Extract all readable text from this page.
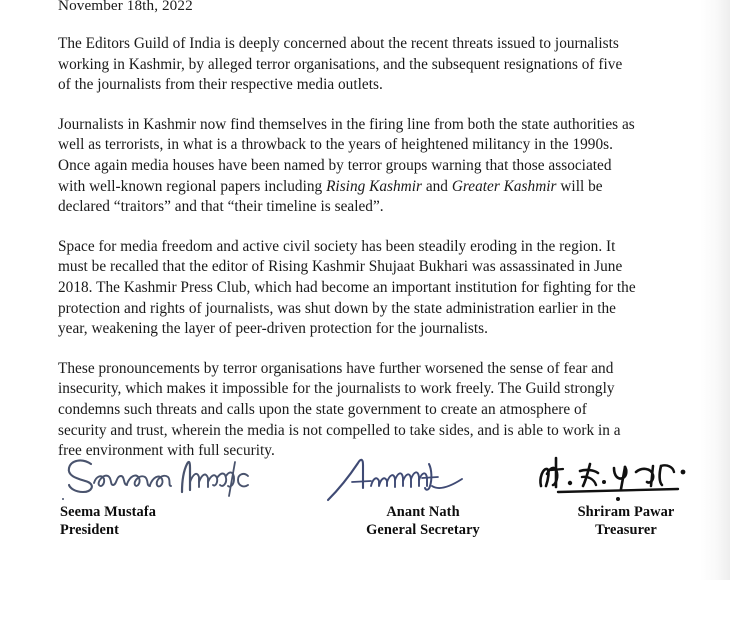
November 18th, 2022

The Editors Guild of India is deeply concerned about the recent threats issued to journalists
working in Kashmir, by alleged terror organisations, and the subsequent resignations of five
of the journalists from their respective media outlets.

Journalists in Kashmir now find themselves in the firing line from both the state authorities as
well as terrorists, in what is a throwback to the years of heightened militancy in the 1990s.
Once again media houses have been named by terror groups warning that those associated
with well-known regional papers including Rising Kashmir and Greater Kashmir will be
declared “traitors” and that “their timeline is sealed”.

Space for media freedom and active civil society has been steadily eroding in the region. It
must be recalled that the editor of Rising Kashmir Shujaat Bukhari was assassinated in June
2018. The Kashmir Press Club, which had become an important institution for fighting for the
protection and rights of journalists, was shut down by the state administration earlier in the
year, weakening the layer of peer-driven protection for the journalists.

These pronouncements by terror organisations have further worsened the sense of fear and
insecurity, which makes it impossible for the journalists to work freely. The Guild strongly
condemns such threats and calls upon the state government to create an atmosphere of
security and trust, wherein the media is not compelled to take sides, and is able to work in a
free environment with full security.

Seema Mustafa
President
Anant Nath
General Secretary
Shriram Pawar
Treasurer
